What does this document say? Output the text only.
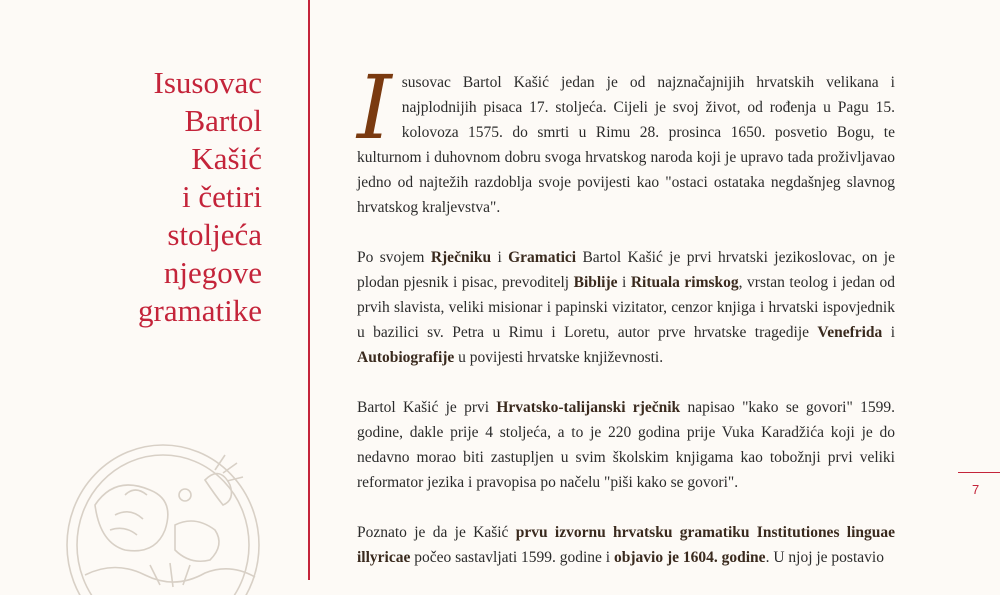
Isusovac
Bartol
Kašić
i četiri
stoljeća
njegove
gramatike

Isusovac Bartol Kašić jedan je od najznačajnijih hrvatskih velikana i najplodnijih pisaca 17. stoljeća. Cijeli je svoj život, od rođenja u Pagu 15. kolovoza 1575. do smrti u Rimu 28. prosinca 1650. posvetio Bogu, te kulturnom i duhovnom dobru svoga hrvatskog naroda koji je upravo tada proživljavao jedno od najtežih razdoblja svoje povijesti kao "ostaci ostataka negdašnjeg slavnog hrvatskog kraljevstva".

Po svojem Rječniku i Gramatici Bartol Kašić je prvi hrvatski jezikoslovac, on je plodan pjesnik i pisac, prevoditelj Biblije i Rituala rimskog, vrstan teolog i jedan od prvih slavista, veliki misionar i papinski vizitator, cenzor knjiga i hrvatski ispovjednik u bazilici sv. Petra u Rimu i Loretu, autor prve hrvatske tragedije Venefrida i Autobiografije u povijesti hrvatske književnosti.

Bartol Kašić je prvi Hrvatsko-talijanski rječnik napisao "kako se govori" 1599. godine, dakle prije 4 stoljeća, a to je 220 godina prije Vuka Karadžića koji je do nedavno morao biti zastupljen u svim školskim knjigama kao tobožnji prvi veliki reformator jezika i pravopisa po načelu "piši kako se govori".

Poznato je da je Kašić prvu izvornu hrvatsku gramatiku Institutiones linguae illyricae počeo sastavljati 1599. godine i objavio je 1604. godine. U njoj je postavio

7
